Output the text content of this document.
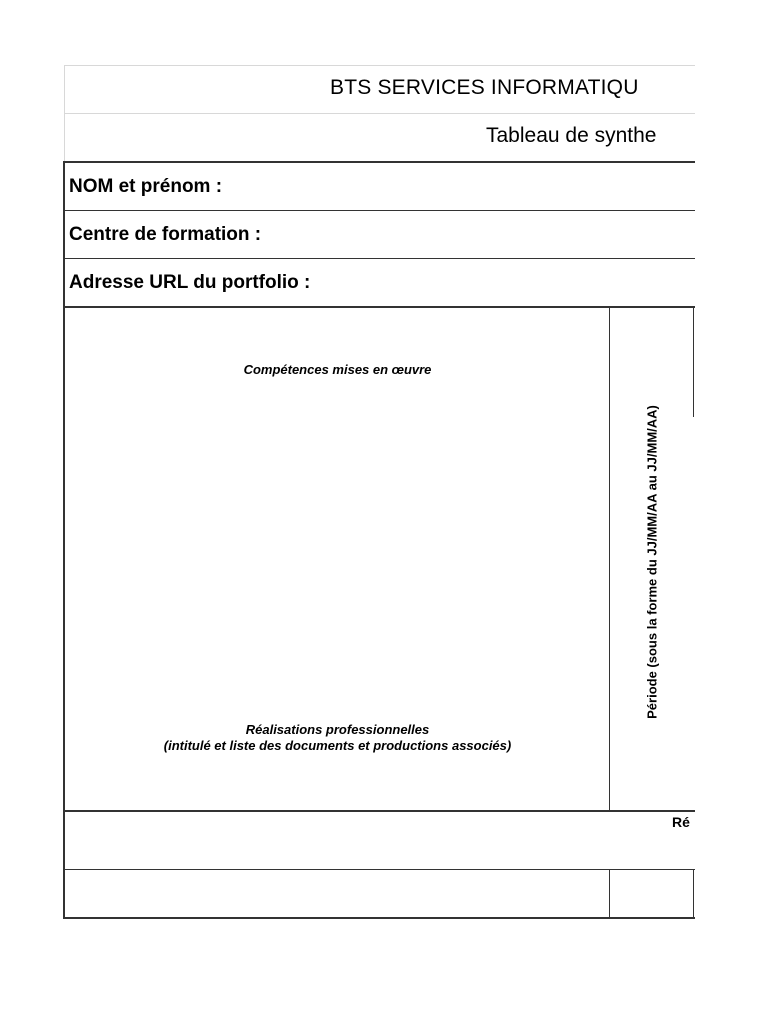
BTS SERVICES INFORMATIQU
Tableau de synthe
NOM et prénom :
Centre de formation :
Adresse URL du portfolio :
Compétences mises en œuvre
Réalisations professionnelles
(intitulé et liste des documents et productions associés)
Période (sous la forme du JJ/MM/AA au JJ/MM/AA)
Ré
